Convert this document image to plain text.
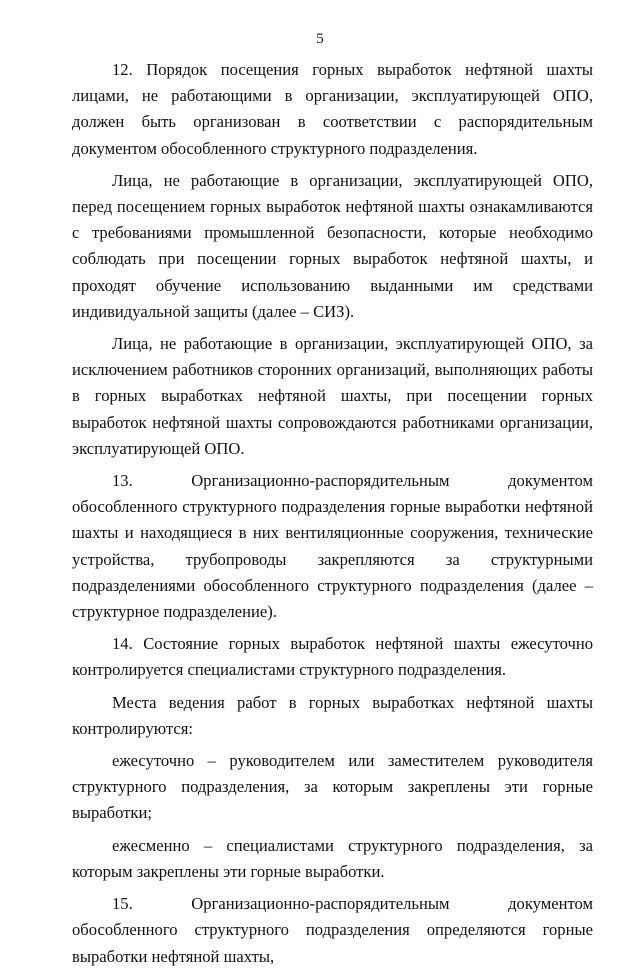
5

12. Порядок посещения горных выработок нефтяной шахты лицами, не работающими в организации, эксплуатирующей ОПО, должен быть организован в соответствии с распорядительным документом обособленного структурного подразделения.

Лица, не работающие в организации, эксплуатирующей ОПО, перед посещением горных выработок нефтяной шахты ознакамливаются с требованиями промышленной безопасности, которые необходимо соблюдать при посещении горных выработок нефтяной шахты, и проходят обучение использованию выданными им средствами индивидуальной защиты (далее – СИЗ).

Лица, не работающие в организации, эксплуатирующей ОПО, за исключением работников сторонних организаций, выполняющих работы в горных выработках нефтяной шахты, при посещении горных выработок нефтяной шахты сопровождаются работниками организации, эксплуатирующей ОПО.

13. Организационно-распорядительным документом обособленного структурного подразделения горные выработки нефтяной шахты и находящиеся в них вентиляционные сооружения, технические устройства, трубопроводы закрепляются за структурными подразделениями обособленного структурного подразделения (далее – структурное подразделение).

14. Состояние горных выработок нефтяной шахты ежесуточно контролируется специалистами структурного подразделения.

Места ведения работ в горных выработках нефтяной шахты контролируются:

ежесуточно – руководителем или заместителем руководителя структурного подразделения, за которым закреплены эти горные выработки;

ежесменно – специалистами структурного подразделения, за которым закреплены эти горные выработки.

15. Организационно-распорядительным документом обособленного структурного подразделения определяются горные выработки нефтяной шахты,
